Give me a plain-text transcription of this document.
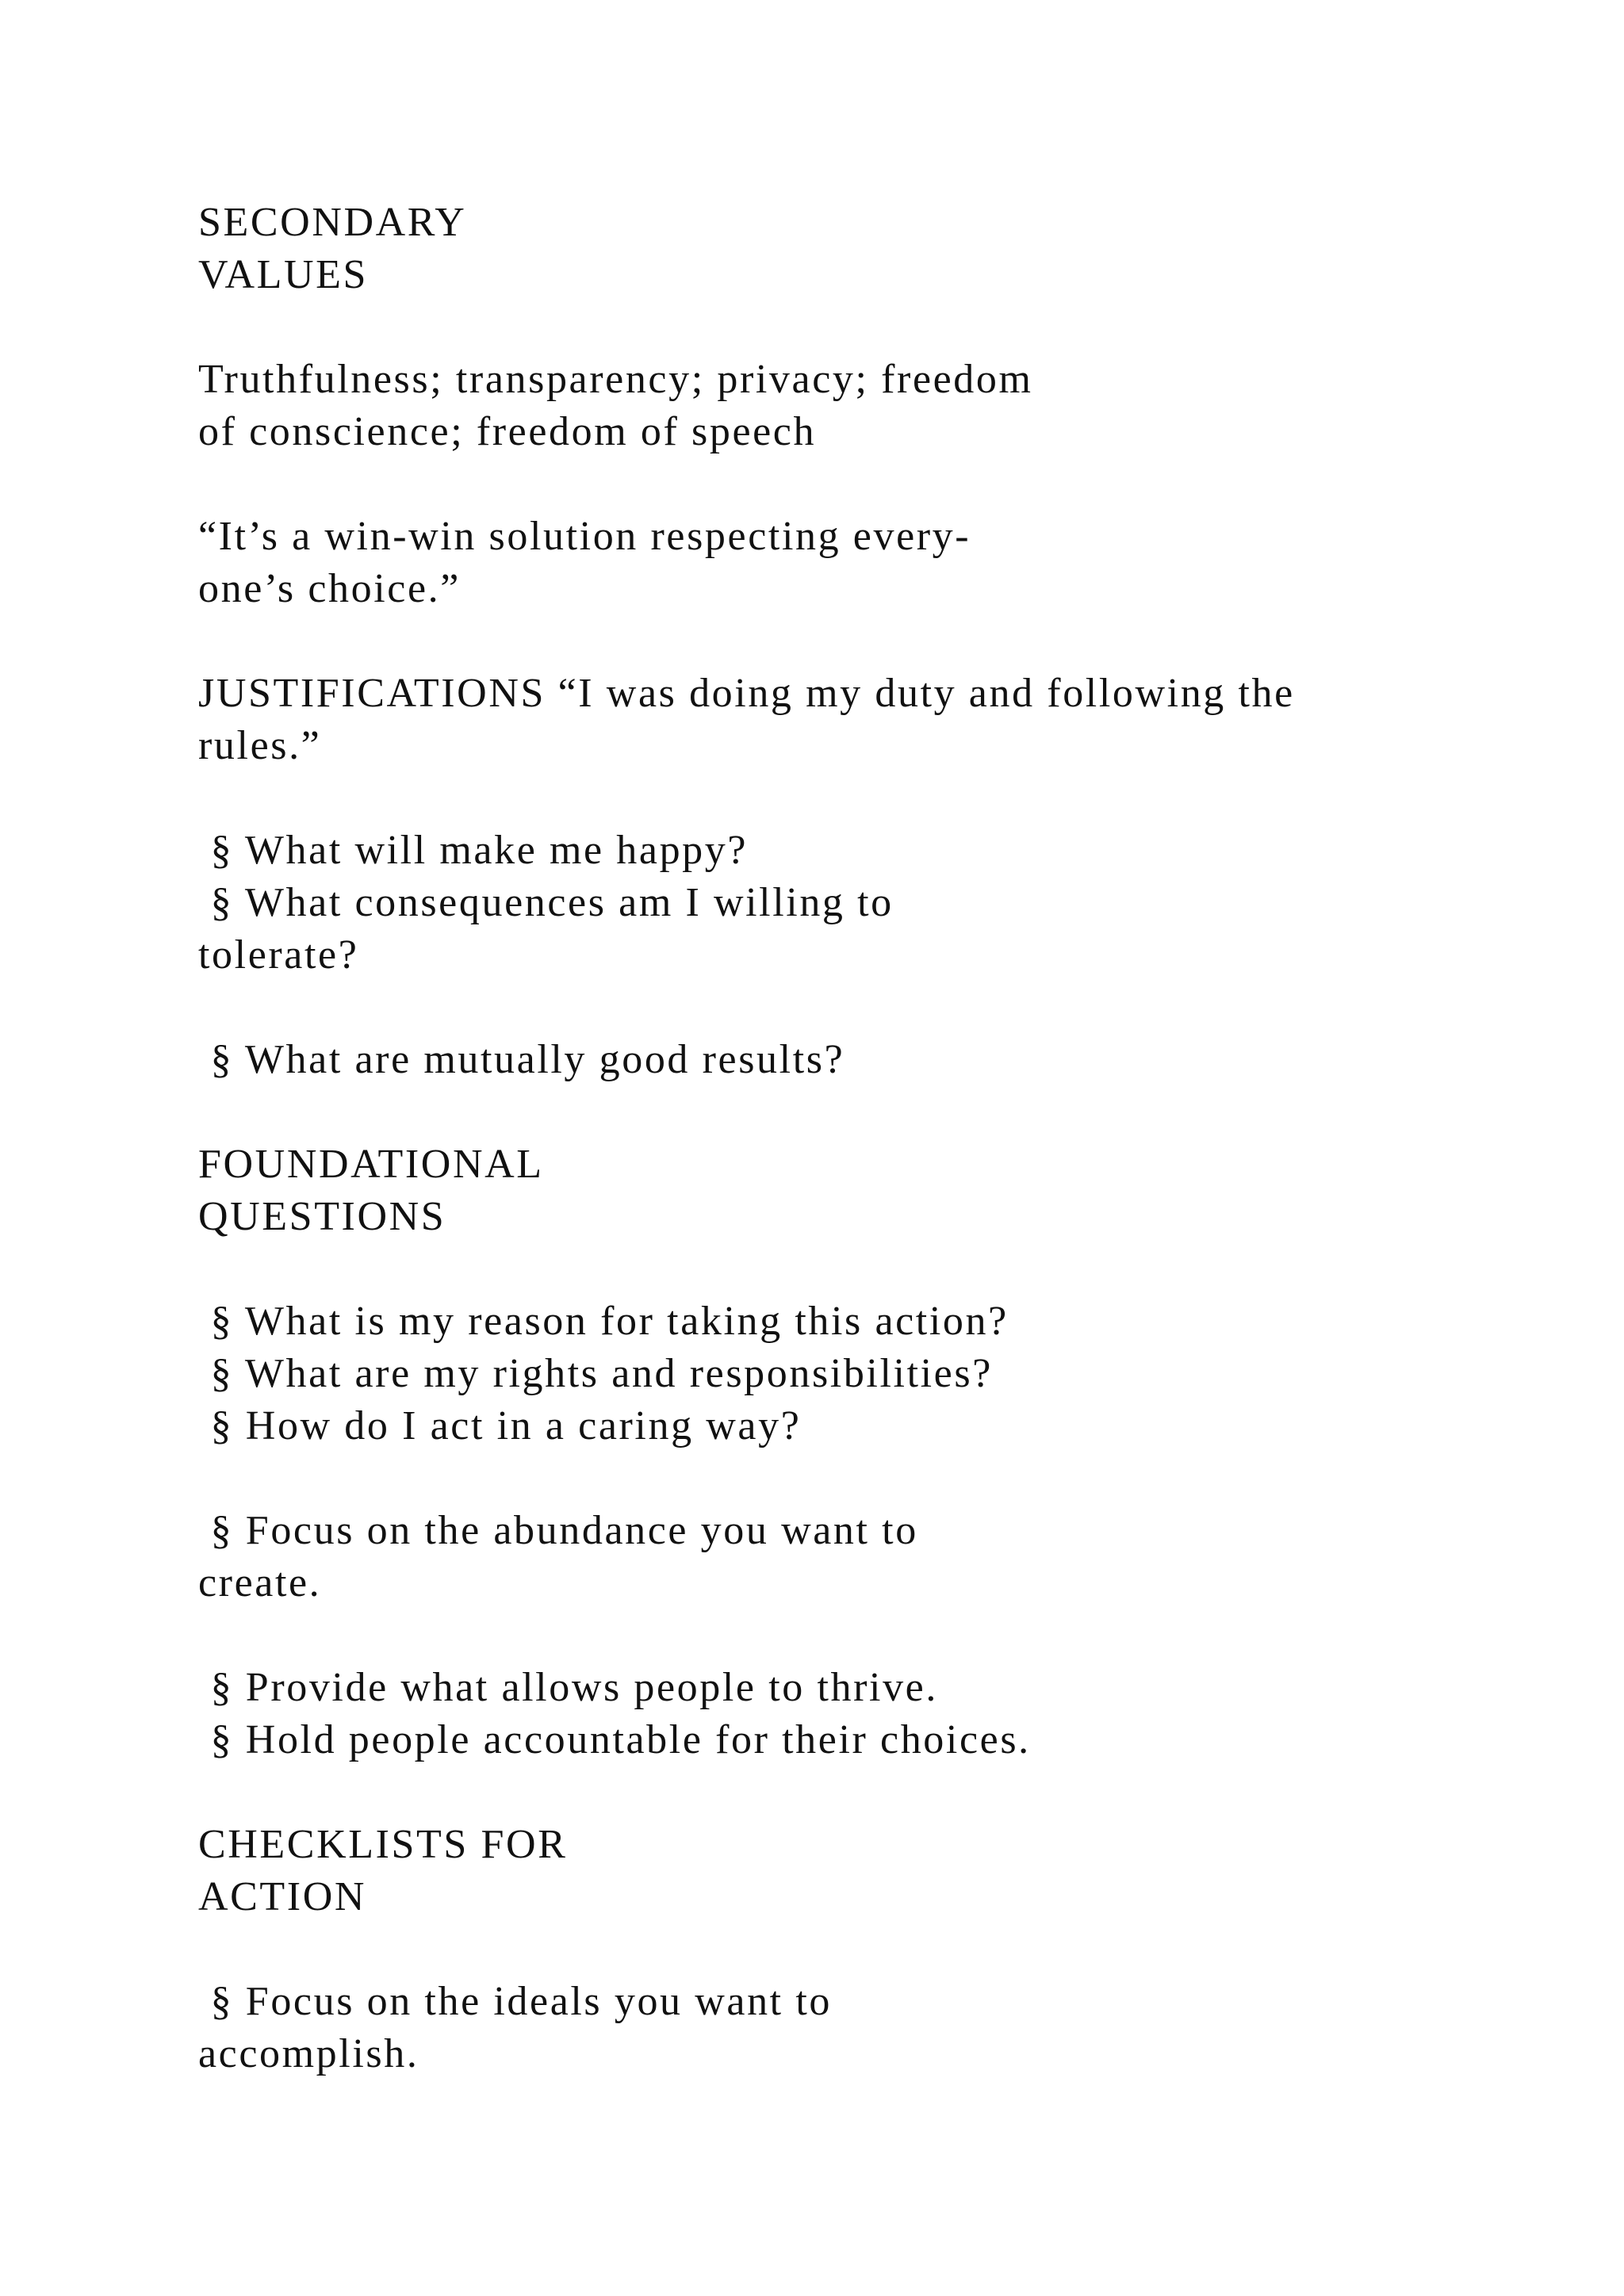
SECONDARY

VALUES

Truthfulness; transparency; privacy; freedom

of conscience; freedom of speech

“It’s a win-win solution respecting every-

one’s choice.”

JUSTIFICATIONS “I was doing my duty and following the

rules.”

§ What will make me happy?

§ What consequences am I willing to

tolerate?

§ What are mutually good results?

FOUNDATIONAL

QUESTIONS

§ What is my reason for taking this action?

§ What are my rights and responsibilities?

§ How do I act in a caring way?

§ Focus on the abundance you want to

create.

§ Provide what allows people to thrive.

§ Hold people accountable for their choices.

CHECKLISTS FOR

ACTION

§ Focus on the ideals you want to

accomplish.
